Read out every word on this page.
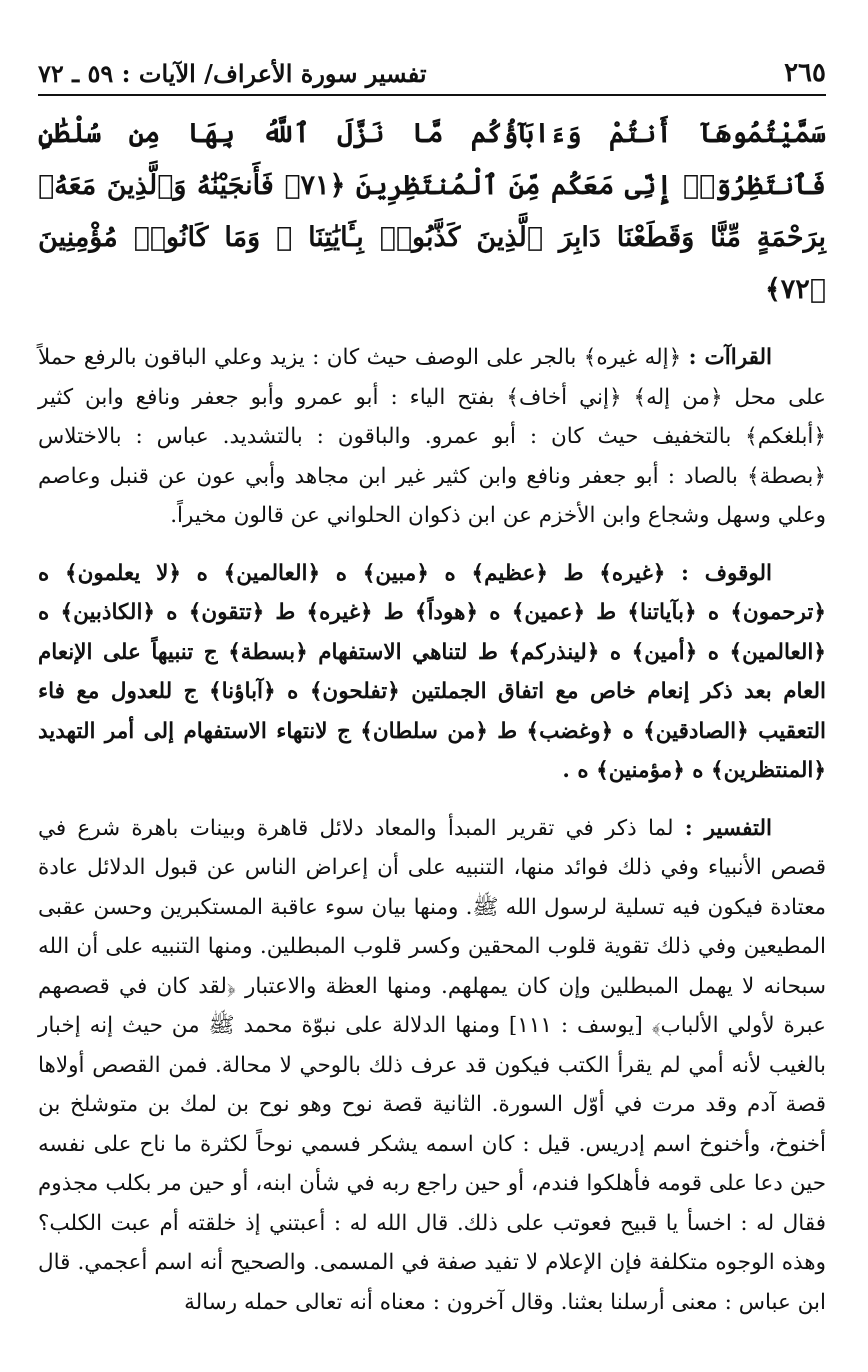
تفسير سورة الأعراف/ الآيات : ٥٩ ـ ٧٢	٢٦٥
سَمَّيْتُمُوهَآ أَنتُمْ وَءَابَآؤُكُم مَّا نَزَّلَ ٱللَّهُ بِهَا مِن سُلْطَٰنٍ فَٱنتَظِرُوٓا۟ إِنِّى مَعَكُم مِّنَ ٱلْمُنتَظِرِينَ ﴿٧١﴾ فَأَنجَيْنَٰهُ وَٱلَّذِينَ مَعَهُۥ بِرَحْمَةٍ مِّنَّا وَقَطَعْنَا دَابِرَ ٱلَّذِينَ كَذَّبُوا۟ بِـَٔايَٰتِنَا ۖ وَمَا كَانُوا۟ مُؤْمِنِينَ ﴿٧٢﴾

القراآت : ﴿إله غيره﴾ بالجر على الوصف حيث كان : يزيد وعلي الباقون بالرفع حملاً على محل ﴿من إله﴾ ﴿إني أخاف﴾ بفتح الياء : أبو عمرو وأبو جعفر ونافع وابن كثير ﴿أبلغكم﴾ بالتخفيف حيث كان : أبو عمرو. والباقون : بالتشديد. عباس : بالاختلاس ﴿بصطة﴾ بالصاد : أبو جعفر ونافع وابن كثير غير ابن مجاهد وأبي عون عن قنبل وعاصم وعلي وسهل وشجاع وابن الأخزم عن ابن ذكوان الحلواني عن قالون مخيراً.

الوقوف : ﴿غيره﴾ ط ﴿عظيم﴾ ه ﴿مبين﴾ ه ﴿العالمين﴾ ه ﴿لا يعلمون﴾ ه ﴿ترحمون﴾ ه ﴿بآياتنا﴾ ط ﴿عمين﴾ ه ﴿هوداً﴾ ط ﴿غيره﴾ ط ﴿تتقون﴾ ه ﴿الكاذبين﴾ ه ﴿العالمين﴾ ه ﴿أمين﴾ ه ﴿لينذركم﴾ ط لتناهي الاستفهام ﴿بسطة﴾ ج تنبيهاً على الإنعام العام بعد ذكر إنعام خاص مع اتفاق الجملتين ﴿تفلحون﴾ ه ﴿آباؤنا﴾ ج للعدول مع فاء التعقيب ﴿الصادقين﴾ ه ﴿وغضب﴾ ط ﴿من سلطان﴾ ج لانتهاء الاستفهام إلى أمر التهديد ﴿المنتظرين﴾ ه ﴿مؤمنين﴾ ه .

التفسير : لما ذكر في تقرير المبدأ والمعاد دلائل قاهرة وبينات باهرة شرع في قصص الأنبياء وفي ذلك فوائد منها، التنبيه على أن إعراض الناس عن قبول الدلائل عادة معتادة فيكون فيه تسلية لرسول الله ﷺ. ومنها بيان سوء عاقبة المستكبرين وحسن عقبى المطيعين وفي ذلك تقوية قلوب المحقين وكسر قلوب المبطلين. ومنها التنبيه على أن الله سبحانه لا يهمل المبطلين وإن كان يمهلهم. ومنها العظة والاعتبار ﴿لقد كان في قصصهم عبرة لأولي الألباب﴾ [يوسف : ١١١] ومنها الدلالة على نبوّة محمد ﷺ من حيث إنه إخبار بالغيب لأنه أمي لم يقرأ الكتب فيكون قد عرف ذلك بالوحي لا محالة. فمن القصص أولاها قصة آدم وقد مرت في أوّل السورة. الثانية قصة نوح وهو نوح بن لمك بن متوشلخ بن أخنوخ، وأخنوخ اسم إدريس. قيل : كان اسمه يشكر فسمي نوحاً لكثرة ما ناح على نفسه حين دعا على قومه فأهلكوا فندم، أو حين راجع ربه في شأن ابنه، أو حين مر بكلب مجذوم فقال له : اخسأ يا قبيح فعوتب على ذلك. قال الله له : أعبتني إذ خلقته أم عبت الكلب؟ وهذه الوجوه متكلفة فإن الإعلام لا تفيد صفة في المسمى. والصحيح أنه اسم أعجمي. قال ابن عباس : معنى أرسلنا بعثنا. وقال آخرون : معناه أنه تعالى حمله رسالة
